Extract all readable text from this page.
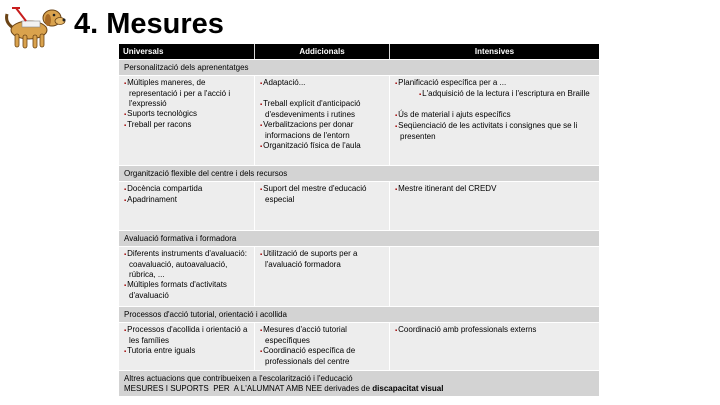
4. Mesures
Universals	Addicionals	Intensives
Personalització dels aprenentatges
▪ Múltiples maneres, de representació i per a l'acció i l'expressió
▪ Suports tecnològics
▪ Treball per racons
▪ Adaptació...
▪ Treball explícit d'anticipació d'esdeveniments i rutines
▪ Verbalitzacions per donar informacions de l'entorn
▪ Organització física de l'aula
▪ Planificació específica per a ...
▪ L'adquisició de la lectura i l'escriptura en Braille
▪ Ús de material i ajuts específics
▪ Seqüenciació de les activitats i consignes que se li presenten
Organització flexible del centre i dels recursos
▪ Docència compartida
▪ Apadrinament
▪ Suport del mestre d'educació especial
▪ Mestre itinerant del CREDV
Avaluació formativa i formadora
▪ Diferents instruments d'avaluació: coavaluació, autoavaluació, rúbrica, ...
▪ Múltiples formats d'activitats d'avaluació
▪ Utilització de suports per a l'avaluació formadora
Processos d'acció tutorial, orientació i acollida
▪ Processos d'acollida i orientació a les famílies
▪ Tutoria entre iguals
▪ Mesures d'acció tutorial específiques
▪ Coordinació específica de professionals del centre
▪ Coordinació amb professionals externs
Altres actuacions que contribueixen a l'escolarització i l'educació
MESURES I SUPORTS  PER  A L'ALUMNAT AMB NEE derivades de discapacitat visual
